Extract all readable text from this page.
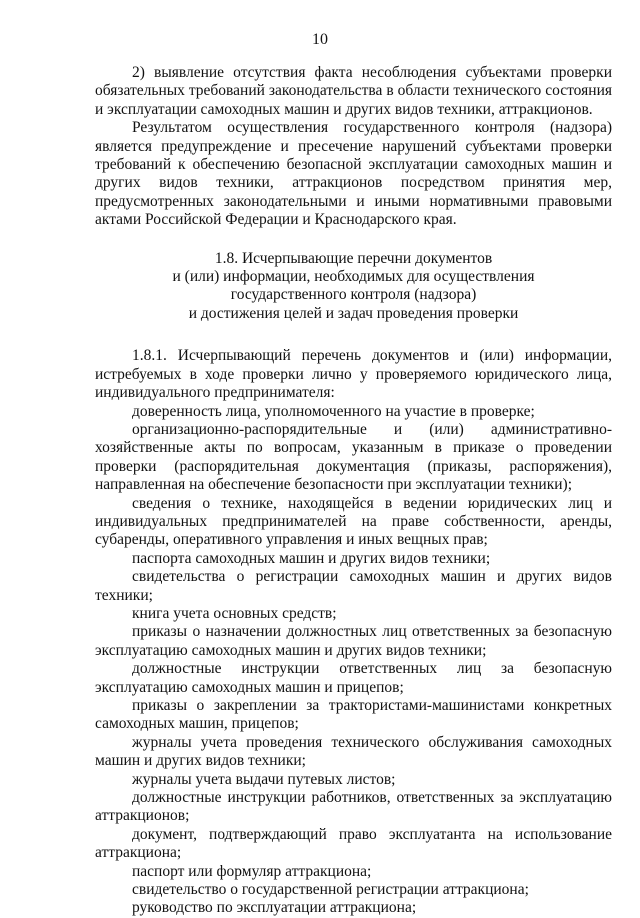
10

2) выявление отсутствия факта несоблюдения субъектами проверки обязательных требований законодательства в области технического состояния и эксплуатации самоходных машин и других видов техники, аттракционов.

Результатом осуществления государственного контроля (надзора) является предупреждение и пресечение нарушений субъектами проверки требований к обеспечению безопасной эксплуатации самоходных машин и других видов техники, аттракционов посредством принятия мер, предусмотренных законодательными и иными нормативными правовыми актами Российской Федерации и Краснодарского края.

1.8. Исчерпывающие перечни документов
и (или) информации, необходимых для осуществления
государственного контроля (надзора)
и достижения целей и задач проведения проверки

1.8.1. Исчерпывающий перечень документов и (или) информации, истребуемых в ходе проверки лично у проверяемого юридического лица, индивидуального предпринимателя:

доверенность лица, уполномоченного на участие в проверке;
организационно-распорядительные и (или) административно-хозяйственные акты по вопросам, указанным в приказе о проведении проверки (распорядительная документация (приказы, распоряжения), направленная на обеспечение безопасности при эксплуатации техники);
сведения о технике, находящейся в ведении юридических лиц и индивидуальных предпринимателей на праве собственности, аренды, субаренды, оперативного управления и иных вещных прав;
паспорта самоходных машин и других видов техники;
свидетельства о регистрации самоходных машин и других видов техники;
книга учета основных средств;
приказы о назначении должностных лиц ответственных за безопасную эксплуатацию самоходных машин и других видов техники;
должностные инструкции ответственных лиц за безопасную эксплуатацию самоходных машин и прицепов;
приказы о закреплении за трактористами-машинистами конкретных самоходных машин, прицепов;
журналы учета проведения технического обслуживания самоходных машин и других видов техники;
журналы учета выдачи путевых листов;
должностные инструкции работников, ответственных за эксплуатацию аттракционов;
документ, подтверждающий право эксплуатанта на использование аттракциона;
паспорт или формуляр аттракциона;
свидетельство о государственной регистрации аттракциона;
руководство по эксплуатации аттракциона;
